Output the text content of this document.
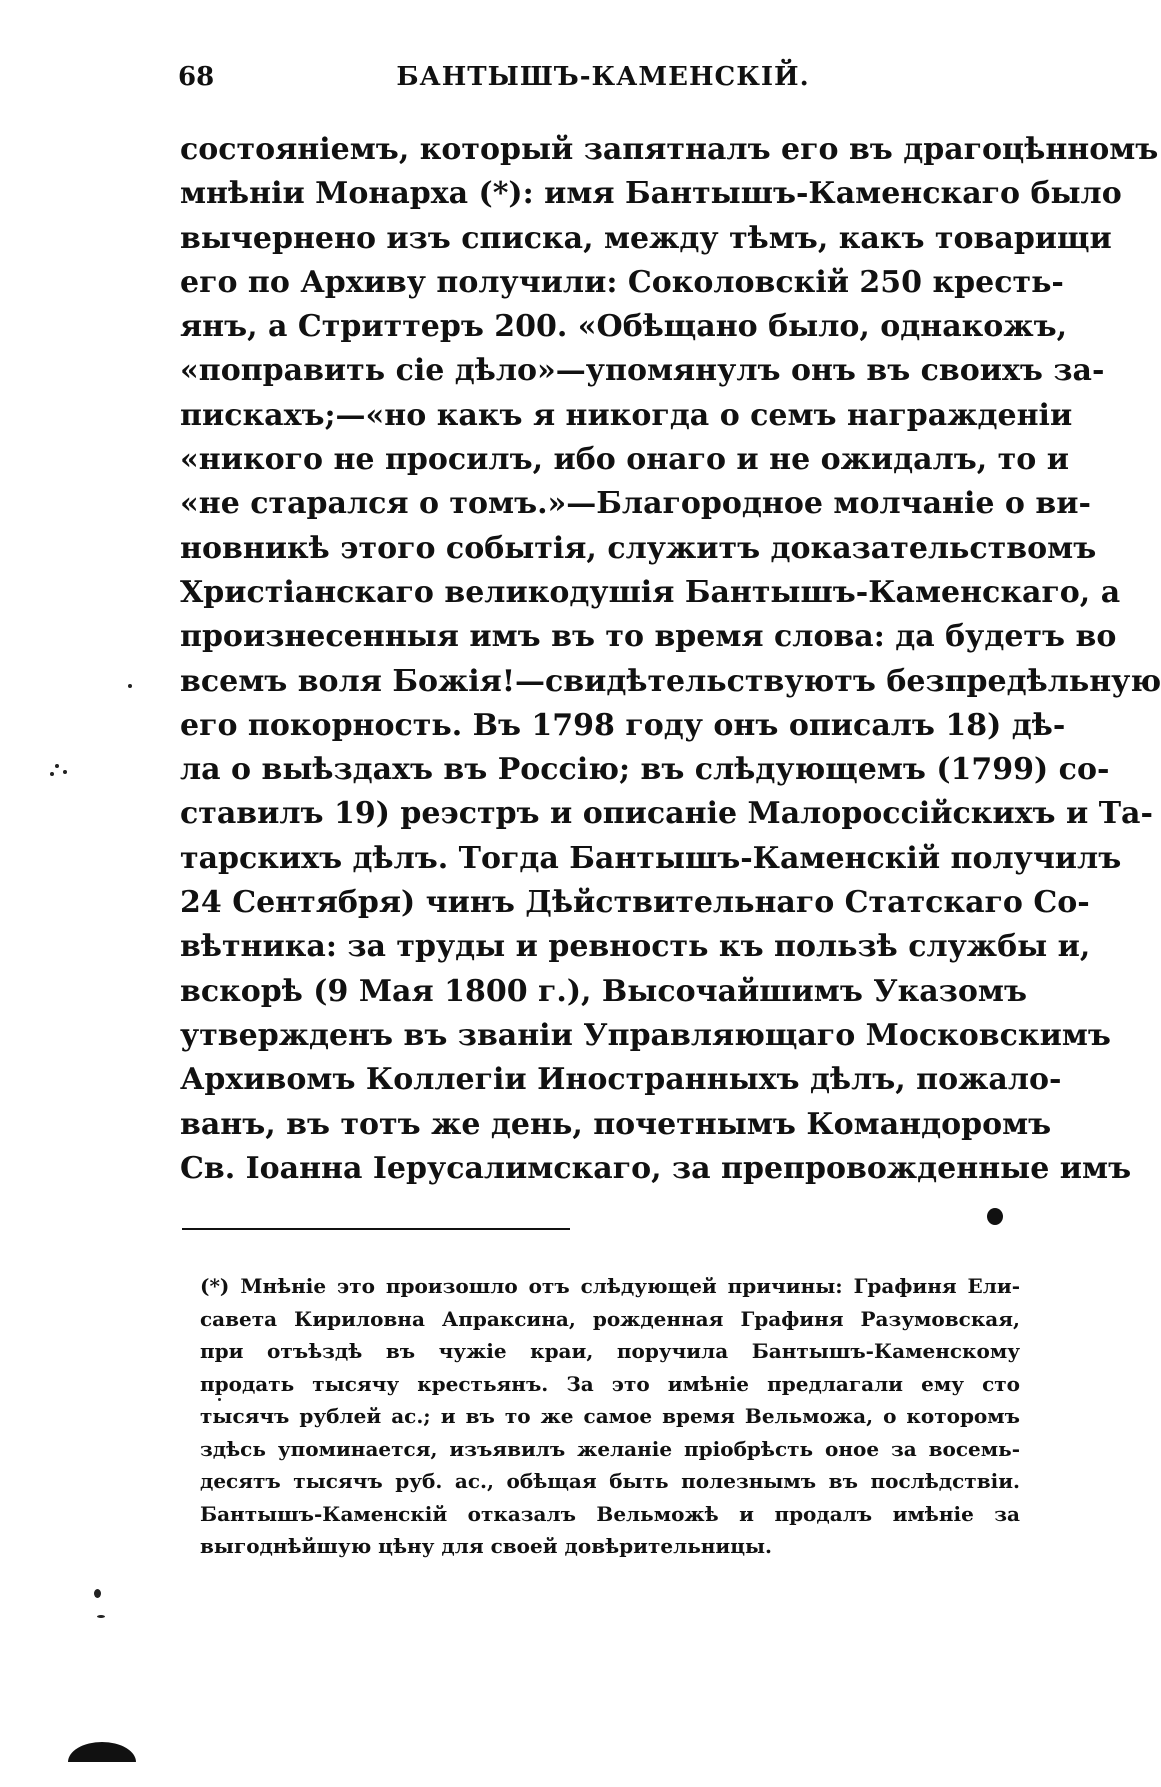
68	БАНТЫШЪ-КАМЕНСКІЙ.
состояніемъ, который запятналъ его въ драгоцѣнномъ
мнѣніи Монарха (*): имя Бантышъ-Каменскаго было
вычернено изъ списка, между тѣмъ, какъ товарищи
его по Архиву получили: Соколовскій 250 кресть-
янъ, а Стриттеръ 200. «Обѣщано было, однакожъ,
«поправить сіе дѣло»—упомянулъ онъ въ своихъ за-
пискахъ;—«но какъ я никогда о семъ награжденіи
«никого не просилъ, ибо онаго и не ожидалъ, то и
«не старался о томъ.»—Благородное молчаніе о ви-
новникѣ этого событія, служитъ доказательствомъ
Христіанскаго великодушія Бантышъ-Каменскаго, а
произнесенныя имъ въ то время слова: да будетъ во
всемъ воля Божія!—свидѣтельствуютъ безпредѣльную
его покорность. Въ 1798 году онъ описалъ 18) дѣ-
ла о выѣздахъ въ Россію; въ слѣдующемъ (1799) со-
ставилъ 19) реэстръ и описаніе Малороссійскихъ и Та-
тарскихъ дѣлъ. Тогда Бантышъ-Каменскій получилъ
24 Сентября) чинъ Дѣйствительнаго Статскаго Со-
вѣтника: за труды и ревность къ пользѣ службы и,
вскорѣ (9 Мая 1800 г.), Высочайшимъ Указомъ
утвержденъ въ званіи Управляющаго Московскимъ
Архивомъ Коллегіи Иностранныхъ дѣлъ, пожало-
ванъ, въ тотъ же день, почетнымъ Командоромъ
Св. Іоанна Іерусалимскаго, за препровожденные имъ
(*) Мнѣніе это произошло отъ слѣдующей причины: Графиня Ели-
савета Кириловна Апраксина, рожденная Графиня Разумовская,
при отъѣздѣ въ чужіе краи, поручила Бантышъ-Каменскому
продать тысячу крестьянъ. За это имѣніе предлагали ему сто
тысячъ рублей ас.; и въ то же самое время Вельможа, о которомъ
здѣсь упоминается, изъявилъ желаніе пріобрѣсть оное за восемь-
десятъ тысячъ руб. ас., обѣщая быть полезнымъ въ послѣдствіи.
Бантышъ-Каменскій отказалъ Вельможѣ и продалъ имѣніе за
выгоднѣйшую цѣну для своей довѣрительницы.
